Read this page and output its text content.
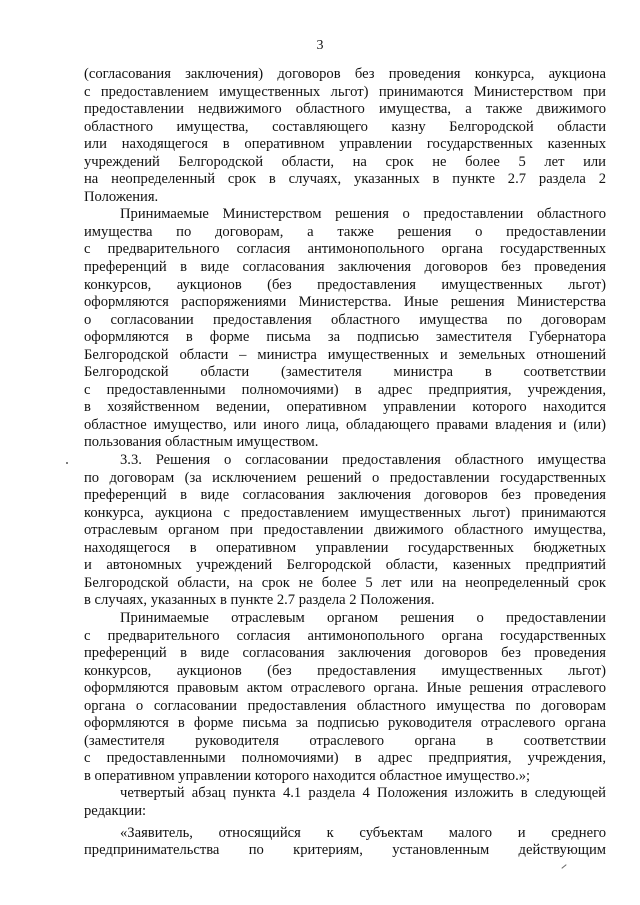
3
(согласования заключения) договоров без проведения конкурса, аукциона
с предоставлением имущественных льгот) принимаются Министерством при
предоставлении недвижимого областного имущества, а также движимого
областного имущества, составляющего казну Белгородской области
или находящегося в оперативном управлении государственных казенных
учреждений Белгородской области, на срок не более 5 лет или
на неопределенный срок в случаях, указанных в пункте 2.7 раздела 2
Положения.
Принимаемые Министерством решения о предоставлении областного
имущества по договорам, а также решения о предоставлении
с предварительного согласия антимонопольного органа государственных
преференций в виде согласования заключения договоров без проведения
конкурсов, аукционов (без предоставления имущественных льгот)
оформляются распоряжениями Министерства. Иные решения Министерства
о согласовании предоставления областного имущества по договорам
оформляются в форме письма за подписью заместителя Губернатора
Белгородской области – министра имущественных и земельных отношений
Белгородской области (заместителя министра в соответствии
с предоставленными полномочиями) в адрес предприятия, учреждения,
в хозяйственном ведении, оперативном управлении которого находится
областное имущество, или иного лица, обладающего правами владения и (или)
пользования областным имуществом.
3.3. Решения о согласовании предоставления областного имущества
по договорам (за исключением решений о предоставлении государственных
преференций в виде согласования заключения договоров без проведения
конкурса, аукциона с предоставлением имущественных льгот) принимаются
отраслевым органом при предоставлении движимого областного имущества,
находящегося в оперативном управлении государственных бюджетных
и автономных учреждений Белгородской области, казенных предприятий
Белгородской области, на срок не более 5 лет или на неопределенный срок
в случаях, указанных в пункте 2.7 раздела 2 Положения.
Принимаемые отраслевым органом решения о предоставлении
с предварительного согласия антимонопольного органа государственных
преференций в виде согласования заключения договоров без проведения
конкурсов, аукционов (без предоставления имущественных льгот)
оформляются правовым актом отраслевого органа. Иные решения отраслевого
органа о согласовании предоставления областного имущества по договорам
оформляются в форме письма за подписью руководителя отраслевого органа
(заместителя руководителя отраслевого органа в соответствии
с предоставленными полномочиями) в адрес предприятия, учреждения,
в оперативном управлении которого находится областное имущество.»;
четвертый абзац пункта 4.1 раздела 4 Положения изложить в следующей
редакции:
«Заявитель, относящийся к субъектам малого и среднего
предпринимательства по критериям, установленным действующим
